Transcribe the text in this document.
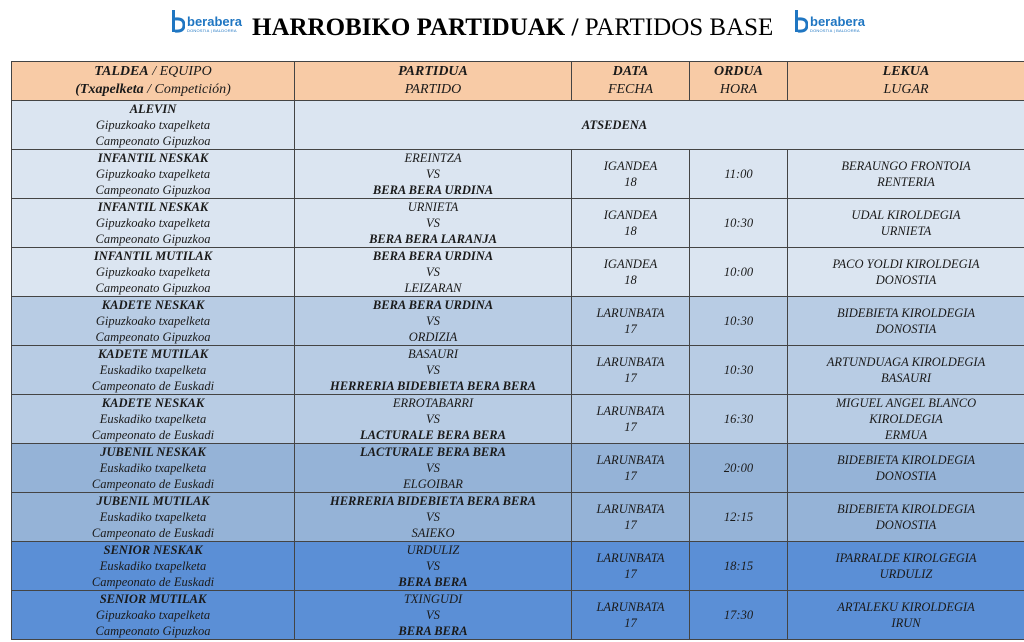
berabera
DONOSTIA | BALDORRA HARROBIKO PARTIDUAK / PARTIDOS BASE	berabera
DONOSTIA | BALDORRA
TALDEA / EQUIPO
(Txapelketa / Competición)	PARTIDUA
PARTIDO	DATA
FECHA	ORDUA
HORA	LEKUA
LUGAR

ALEVIN
Gipuzkoako txapelketa
Campeonato Gipuzkoa	ATSEDENA			

INFANTIL NESKAK
Gipuzkoako txapelketa
Campeonato Gipuzkoa	EREINTZA
VS
BERA BERA URDINA	IGANDEA
18	11:00	BERAUNGO FRONTOIA
RENTERIA

INFANTIL NESKAK
Gipuzkoako txapelketa
Campeonato Gipuzkoa	URNIETA
VS
BERA BERA LARANJA	IGANDEA
18	10:30	UDAL KIROLDEGIA
URNIETA

INFANTIL MUTILAK
Gipuzkoako txapelketa
Campeonato Gipuzkoa	BERA BERA URDINA
VS
LEIZARAN	IGANDEA
18	10:00	PACO YOLDI KIROLDEGIA
DONOSTIA

KADETE NESKAK
Gipuzkoako txapelketa
Campeonato Gipuzkoa	BERA BERA URDINA
VS
ORDIZIA	LARUNBATA
17	10:30	BIDEBIETA KIROLDEGIA
DONOSTIA

KADETE MUTILAK
Euskadiko txapelketa
Campeonato de Euskadi	BASAURI
VS
HERRERIA BIDEBIETA BERA BERA	LARUNBATA
17	10:30	ARTUNDUAGA KIROLDEGIA
BASAURI

KADETE NESKAK
Euskadiko txapelketa
Campeonato de Euskadi	ERROTABARRI
VS
LACTURALE BERA BERA	LARUNBATA
17	16:30	MIGUEL ANGEL BLANCO
KIROLDEGIA
ERMUA

JUBENIL NESKAK
Euskadiko txapelketa
Campeonato de Euskadi	LACTURALE BERA BERA
VS
ELGOIBAR	LARUNBATA
17	20:00	BIDEBIETA KIROLDEGIA
DONOSTIA

JUBENIL MUTILAK
Euskadiko txapelketa
Campeonato de Euskadi	HERRERIA BIDEBIETA BERA BERA
VS
SAIEKO	LARUNBATA
17	12:15	BIDEBIETA KIROLDEGIA
DONOSTIA

SENIOR NESKAK
Euskadiko txapelketa
Campeonato de Euskadi	URDULIZ
VS
BERA BERA	LARUNBATA
17	18:15	IPARRALDE KIROLGEGIA
URDULIZ

SENIOR MUTILAK
Gipuzkoako txapelketa
Campeonato Gipuzkoa	TXINGUDI
VS
BERA BERA	LARUNBATA
17	17:30	ARTALEKU KIROLDEGIA
IRUN
